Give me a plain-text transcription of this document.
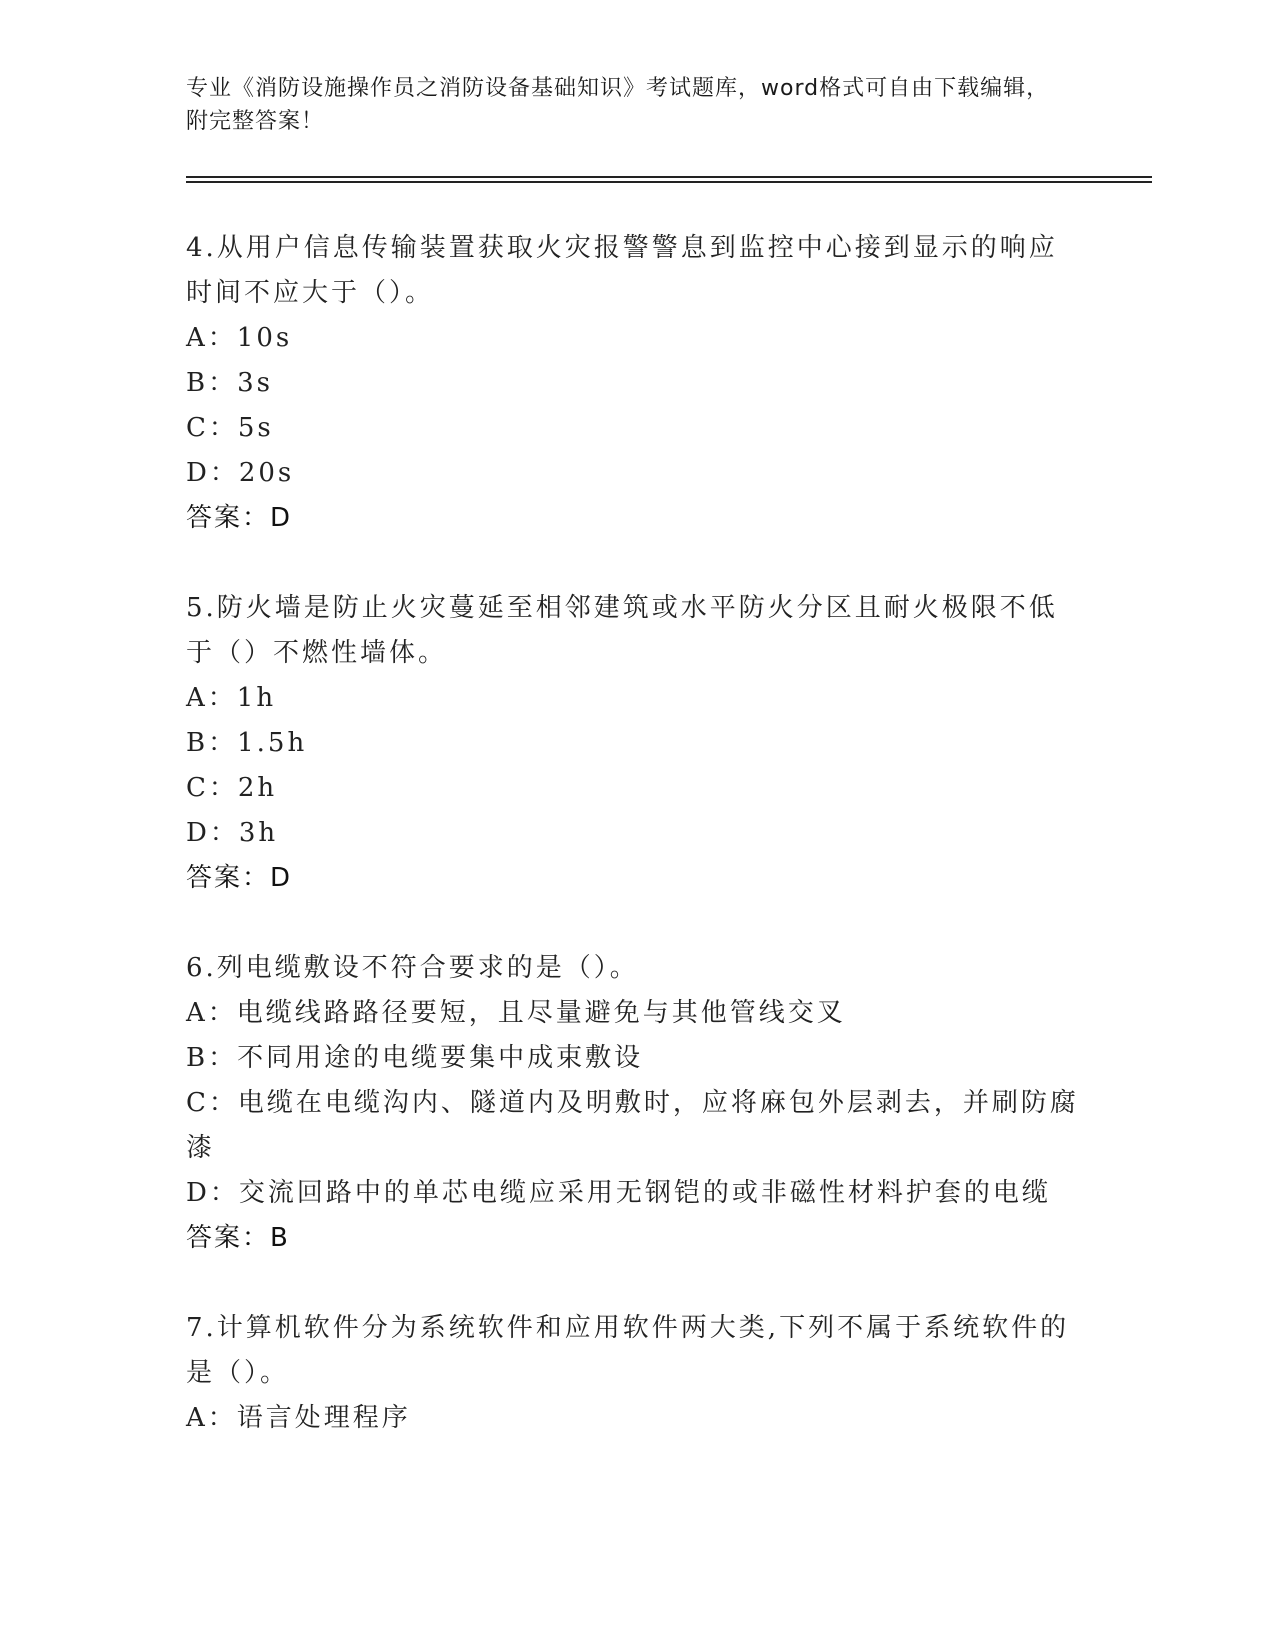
专业《消防设施操作员之消防设备基础知识》考试题库，word格式可自由下载编辑，附完整答案！

4.从用户信息传输装置获取火灾报警警息到监控中心接到显示的响应时间不应大于（）。

A：10s

B：3s

C：5s

D：20s

答案：D

5.防火墙是防止火灾蔓延至相邻建筑或水平防火分区且耐火极限不低于（）不燃性墙体。

A：1h

B：1.5h

C：2h

D：3h

答案：D

6.列电缆敷设不符合要求的是（）。

A：电缆线路路径要短，且尽量避免与其他管线交叉

B：不同用途的电缆要集中成束敷设

C：电缆在电缆沟内、隧道内及明敷时，应将麻包外层剥去，并刷防腐漆

D：交流回路中的单芯电缆应采用无钢铠的或非磁性材料护套的电缆

答案：B

7.计算机软件分为系统软件和应用软件两大类,下列不属于系统软件的是（）。

A：语言处理程序
